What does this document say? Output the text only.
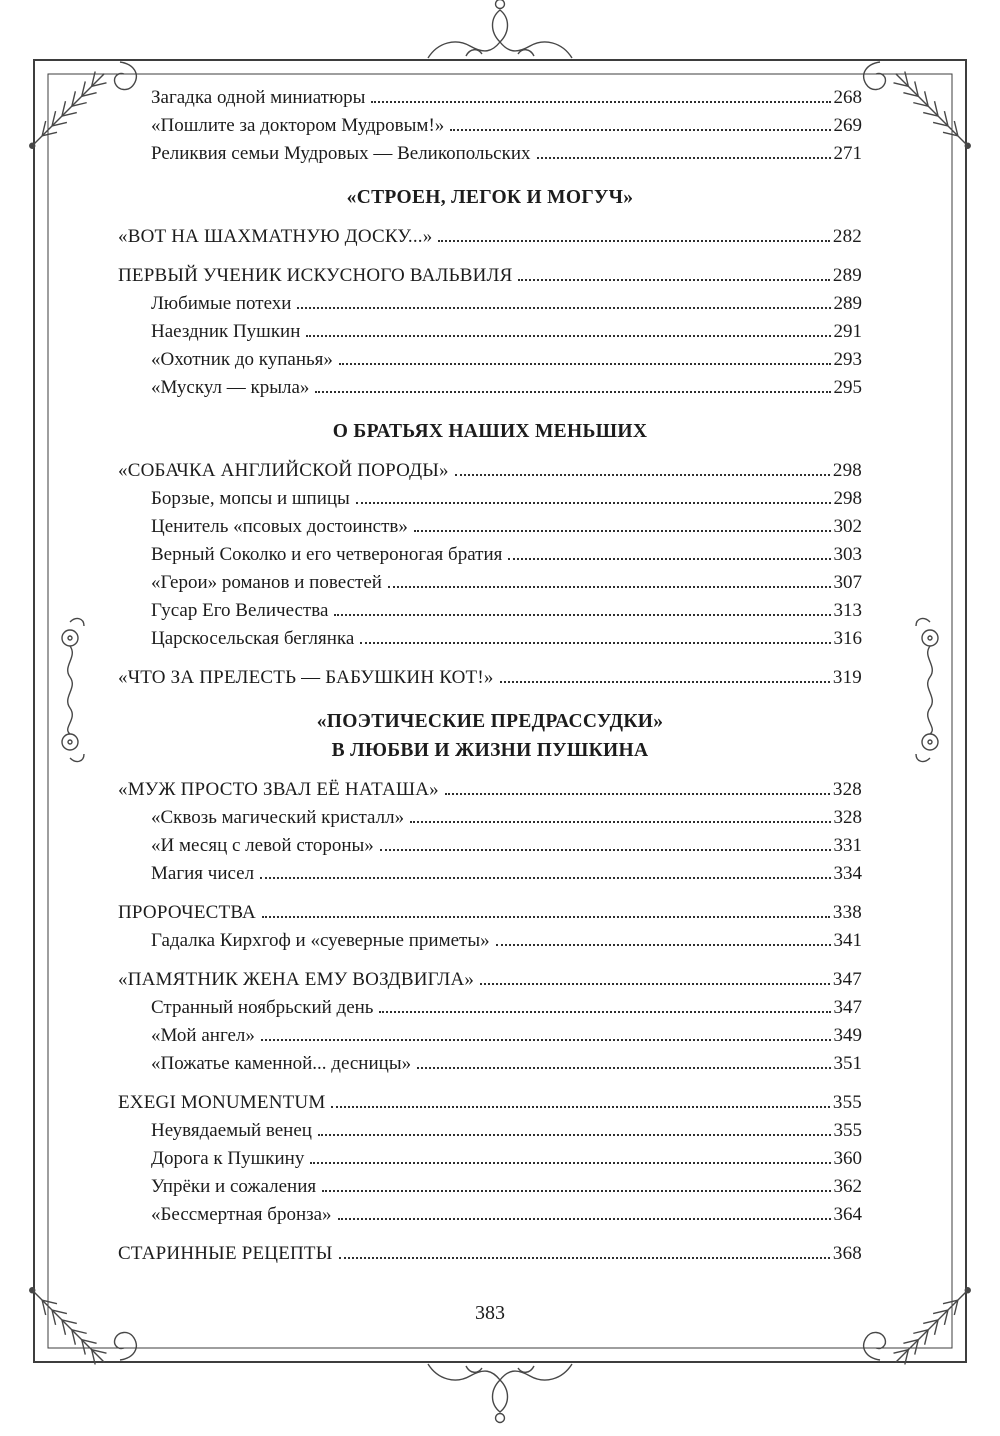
Загадка одной миниатюры	268
«Пошлите за доктором Мудровым!»	269
Реликвия семьи Мудровых — Великопольских	271
«СТРОЕН, ЛЕГОК И МОГУЧ»
«ВОТ НА ШАХМАТНУЮ ДОСКУ...»	282
ПЕРВЫЙ УЧЕНИК ИСКУСНОГО ВАЛЬВИЛЯ	289
Любимые потехи	289
Наездник Пушкин	291
«Охотник до купанья»	293
«Мускул — крыла»	295
О БРАТЬЯХ НАШИХ МЕНЬШИХ
«СОБАЧКА АНГЛИЙСКОЙ ПОРОДЫ»	298
Борзые, мопсы и шпицы	298
Ценитель «псовых достоинств»	302
Верный Соколко и его четвероногая братия	303
«Герои» романов и повестей	307
Гусар Его Величества	313
Царскосельская беглянка	316
«ЧТО ЗА ПРЕЛЕСТЬ — БАБУШКИН КОТ!»	319
«ПОЭТИЧЕСКИЕ ПРЕДРАССУДКИ»
В ЛЮБВИ И ЖИЗНИ ПУШКИНА
«МУЖ ПРОСТО ЗВАЛ ЕЁ НАТАША»	328
«Сквозь магический кристалл»	328
«И месяц с левой стороны»	331
Магия чисел	334
ПРОРОЧЕСТВА	338
Гадалка Кирхгоф и «суеверные приметы»	341
«ПАМЯТНИК ЖЕНА ЕМУ ВОЗДВИГЛА»	347
Странный ноябрьский день	347
«Мой ангел»	349
«Пожатье каменной... десницы»	351
EXEGI MONUMENTUM	355
Неувядаемый венец	355
Дорога к Пушкину	360
Упрёки и сожаления	362
«Бессмертная бронза»	364
СТАРИННЫЕ РЕЦЕПТЫ	368
383
